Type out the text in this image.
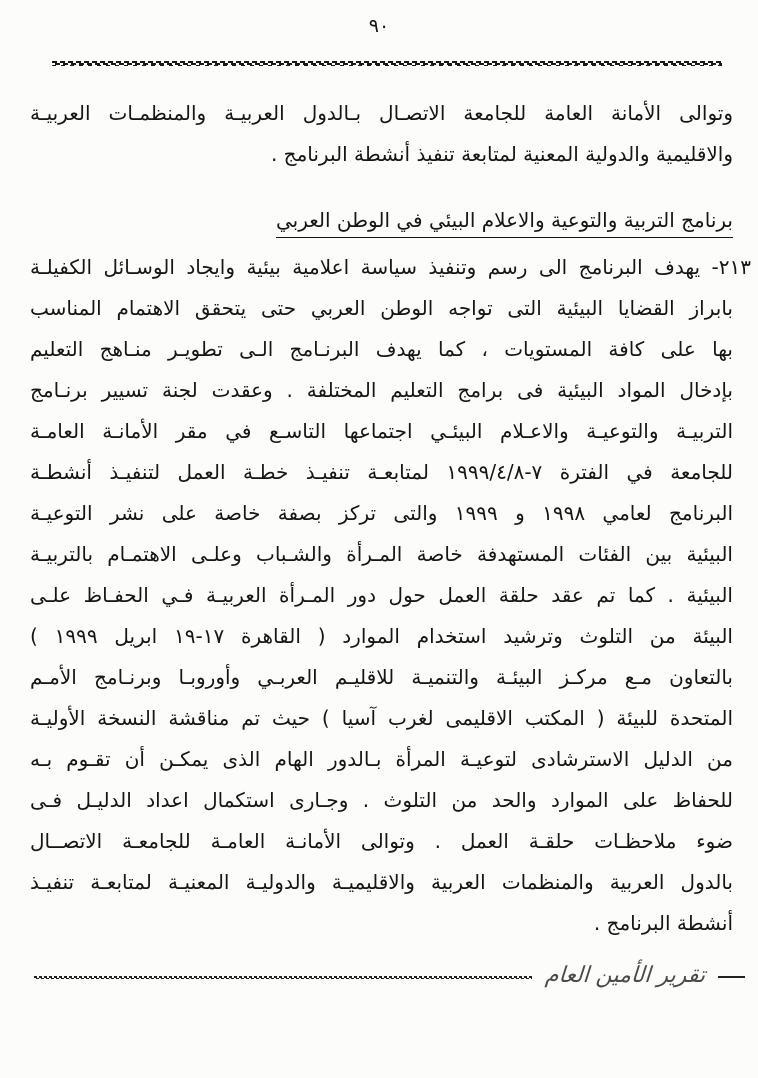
٩٠
وتوالى الأمانة العامة للجامعة الاتصـال بـالدول العربيـة والمنظمـات العربيـة
والاقليمية والدولية المعنية لمتابعة تنفيذ أنشطة البرنامج .
برنامج التربية والتوعية والاعلام البيئي في الوطن العربي
٢١٣- يهدف البرنامج الى رسم وتنفيذ سياسة اعلامية بيئية وايجاد الوسـائل الكفيلـة
بابراز القضايا البيئية التى تواجه الوطن العربي حتى يتحقق الاهتمام المناسب
بها على كافة المستويات ، كما يهدف البرنـامج الـى تطويـر منـاهج التعليم
بإدخال المواد البيئية فى برامج التعليم المختلفة . وعقدت لجنة تسيير برنـامج
التربيـة والتوعيـة والاعـلام البيئـي اجتماعها التاسـع في مقر الأمانـة العامـة
للجامعة في الفترة ٧-١٩٩٩/٤/٨ لمتابعـة تنفيـذ خطـة العمل لتنفيـذ أنشطـة
البرنامج لعامي ١٩٩٨ و ١٩٩٩ والتى تركز بصفة خاصة على نشر التوعيـة
البيئية بين الفئات المستهدفة خاصة المـرأة والشـباب وعلـى الاهتمـام بالتربيـة
البيئية . كما تم عقد حلقة العمل حول دور المـرأة العربيـة فـي الحفـاظ علـى
البيئة من التلوث وترشيد استخدام الموارد ( القاهرة ١٧-١٩ ابريل ١٩٩٩ )
بالتعاون مـع مركـز البيئـة والتنميـة للاقليـم العربـي وأوروبـا وبرنـامج الأمـم
المتحدة للبيئة ( المكتب الاقليمى لغرب آسيا ) حيث تم مناقشة النسخة الأوليـة
من الدليل الاسترشادى لتوعيـة المرأة بـالدور الهام الذى يمكـن أن تقـوم بـه
للحفاظ على الموارد والحد من التلوث . وجـارى استكمال اعداد الدليـل فـى
ضوء ملاحظـات حلقـة العمل . وتوالى الأمانـة العامـة للجامعـة الاتصــال
بالدول العربية والمنظمات العربية والاقليميـة والدوليـة المعنيـة لمتابعـة تنفيـذ
أنشطة البرنامج .
تقرير الأمين العام
